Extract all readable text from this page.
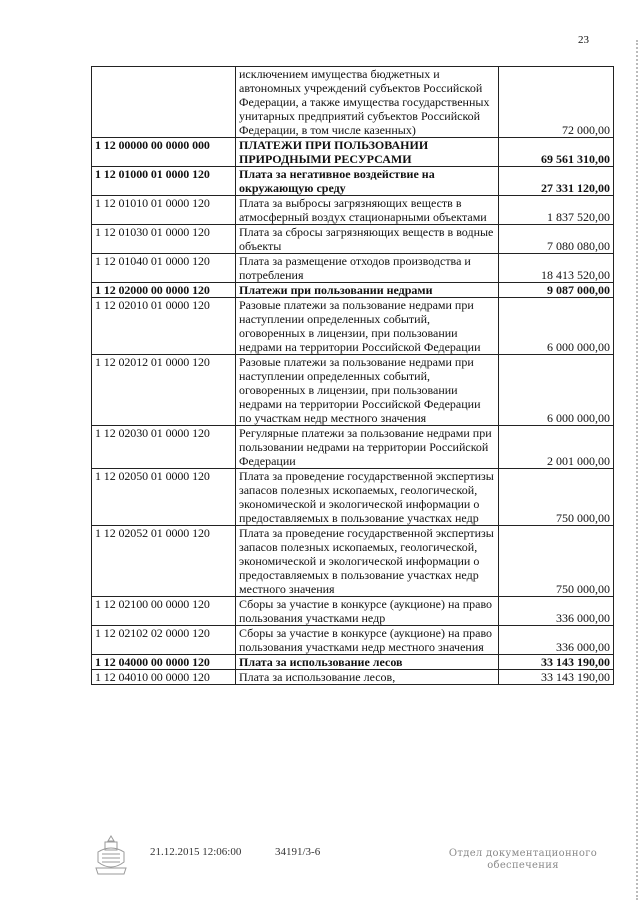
23
	исключением имущества бюджетных и автономных учреждений субъектов Российской Федерации, а также имущества государственных унитарных предприятий субъектов Российской Федерации, в том числе казенных)	72 000,00
1 12 00000 00 0000 000	ПЛАТЕЖИ ПРИ ПОЛЬЗОВАНИИ ПРИРОДНЫМИ РЕСУРСАМИ	69 561 310,00
1 12 01000 01 0000 120	Плата за негативное воздействие на окружающую среду	27 331 120,00
1 12 01010 01 0000 120	Плата за выбросы загрязняющих веществ в атмосферный воздух стационарными объектами	1 837 520,00
1 12 01030 01 0000 120	Плата за сбросы загрязняющих веществ в водные объекты	7 080 080,00
1 12 01040 01 0000 120	Плата за размещение отходов производства и потребления	18 413 520,00
1 12 02000 00 0000 120	Платежи при пользовании недрами	9 087 000,00
1 12 02010 01 0000 120	Разовые платежи за пользование недрами при наступлении определенных событий, оговоренных в лицензии, при пользовании недрами на территории Российской Федерации	6 000 000,00
1 12 02012 01 0000 120	Разовые платежи за пользование недрами при наступлении определенных событий, оговоренных в лицензии, при пользовании недрами на территории Российской Федерации по участкам недр местного значения	6 000 000,00
1 12 02030 01 0000 120	Регулярные платежи за пользование недрами при пользовании недрами на территории Российской Федерации	2 001 000,00
1 12 02050 01 0000 120	Плата за проведение государственной экспертизы запасов полезных ископаемых, геологической, экономической и экологической информации о предоставляемых в пользование участках недр	750 000,00
1 12 02052 01 0000 120	Плата за проведение государственной экспертизы запасов полезных ископаемых, геологической, экономической и экологической информации о предоставляемых в пользование участках недр местного значения	750 000,00
1 12 02100 00 0000 120	Сборы за участие в конкурсе (аукционе) на право пользования участками недр	336 000,00
1 12 02102 02 0000 120	Сборы за участие в конкурсе (аукционе) на право пользования участками недр местного значения	336 000,00
1 12 04000 00 0000 120	Плата за использование лесов	33 143 190,00
1 12 04010 00 0000 120	Плата за использование лесов,	33 143 190,00
21.12.2015 12:06:00	34191/3-6	Отдел документационного
обеспечения
